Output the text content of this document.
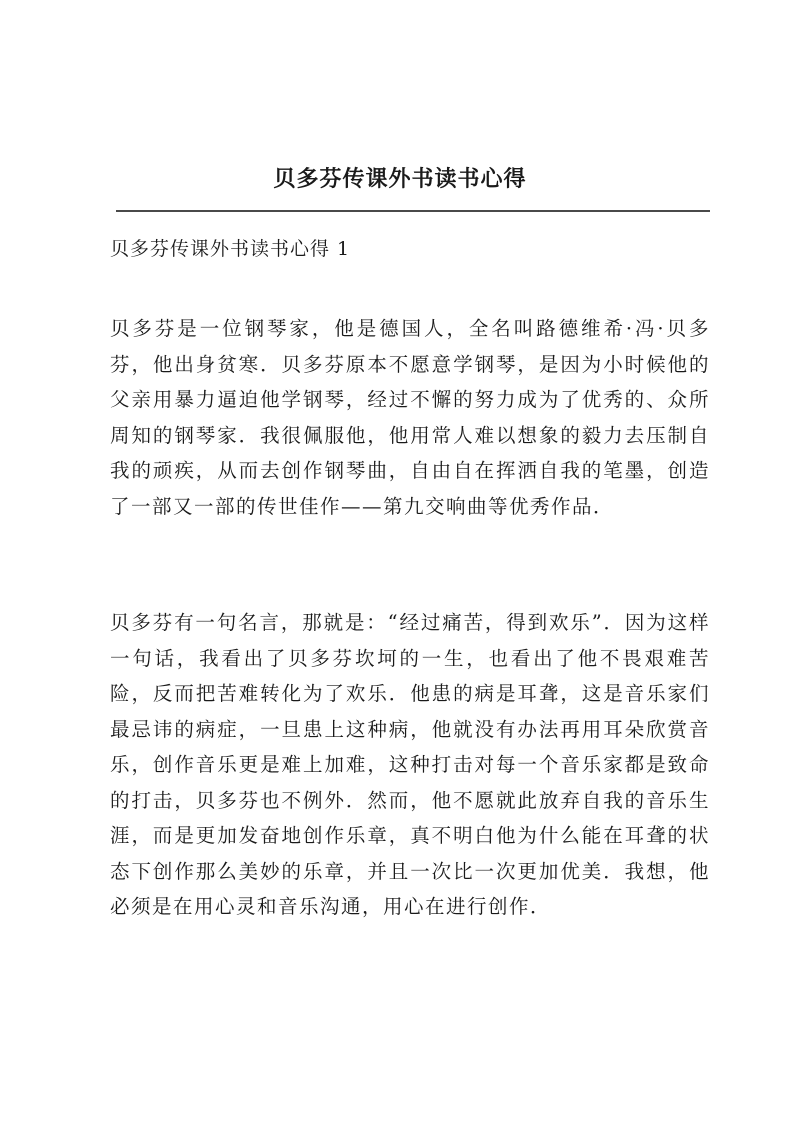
贝多芬传课外书读书心得
贝多芬传课外书读书心得 1

贝多芬是一位钢琴家，他是德国人，全名叫路德维希·冯·贝多芬，他出身贫寒．贝多芬原本不愿意学钢琴，是因为小时候他的父亲用暴力逼迫他学钢琴，经过不懈的努力成为了优秀的、众所周知的钢琴家．我很佩服他，他用常人难以想象的毅力去压制自我的顽疾，从而去创作钢琴曲，自由自在挥洒自我的笔墨，创造了一部又一部的传世佳作——第九交响曲等优秀作品．

贝多芬有一句名言，那就是：“经过痛苦，得到欢乐”．因为这样一句话，我看出了贝多芬坎坷的一生，也看出了他不畏艰难苦险，反而把苦难转化为了欢乐．他患的病是耳聋，这是音乐家们最忌讳的病症，一旦患上这种病，他就没有办法再用耳朵欣赏音乐，创作音乐更是难上加难，这种打击对每一个音乐家都是致命的打击，贝多芬也不例外．然而，他不愿就此放弃自我的音乐生涯，而是更加发奋地创作乐章，真不明白他为什么能在耳聋的状态下创作那么美妙的乐章，并且一次比一次更加优美．我想，他必须是在用心灵和音乐沟通，用心在进行创作．
